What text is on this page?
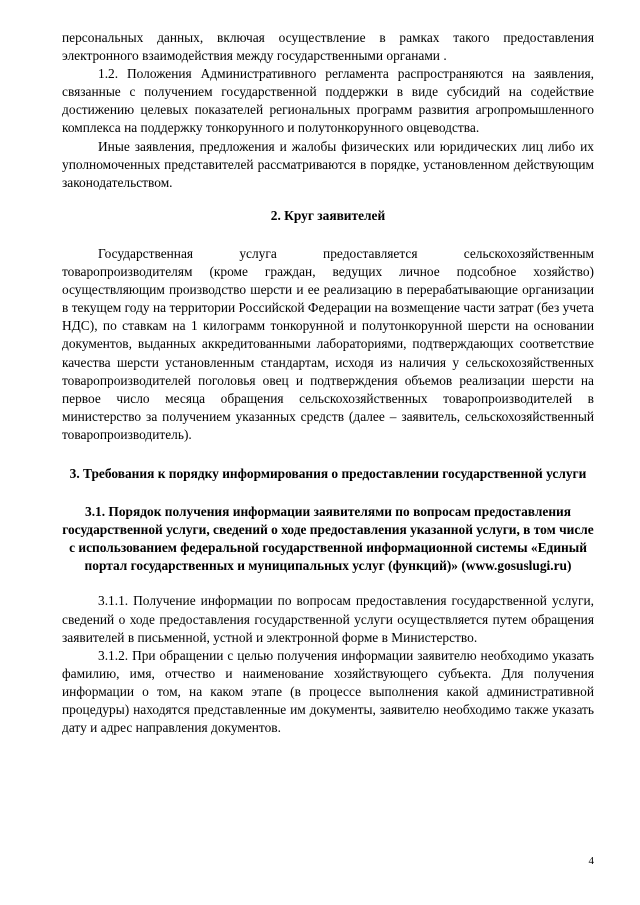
персональных данных, включая осуществление в рамках такого предоставления электронного взаимодействия между государственными органами .

1.2. Положения Административного регламента распространяются на заявления, связанные с получением государственной поддержки в виде субсидий на содействие достижению целевых показателей региональных программ развития агропромышленного комплекса на поддержку тонкорунного и полутонкорунного овцеводства.

Иные заявления, предложения и жалобы физических или юридических лиц либо их уполномоченных представителей рассматриваются в порядке, установленном действующим законодательством.

2. Круг заявителей

Государственная услуга предоставляется сельскохозяйственным товаропроизводителям (кроме граждан, ведущих личное подсобное хозяйство) осуществляющим производство шерсти и ее реализацию в перерабатывающие организации в текущем году на территории Российской Федерации на возмещение части затрат (без учета НДС), по ставкам на 1 килограмм тонкорунной и полутонкорунной шерсти на основании документов, выданных аккредитованными лабораториями, подтверждающих соответствие качества шерсти установленным стандартам, исходя из наличия у сельскохозяйственных товаропроизводителей поголовья овец и подтверждения объемов реализации шерсти на первое число месяца обращения сельскохозяйственных товаропроизводителей в министерство за получением указанных средств (далее – заявитель, сельскохозяйственный товаропроизводитель).

3. Требования к порядку информирования о предоставлении государственной услуги

3.1. Порядок получения информации заявителями по вопросам предоставления государственной услуги, сведений о ходе предоставления указанной услуги, в том числе с использованием федеральной государственной информационной системы «Единый портал государственных и муниципальных услуг (функций)» (www.gosuslugi.ru)

3.1.1. Получение информации по вопросам предоставления государственной услуги, сведений о ходе предоставления государственной услуги осуществляется путем обращения заявителей в письменной, устной и электронной форме в Министерство.

3.1.2. При обращении с целью получения информации заявителю необходимо указать фамилию, имя, отчество и наименование хозяйствующего субъекта. Для получения информации о том, на каком этапе (в процессе выполнения какой административной процедуры) находятся представленные им документы, заявителю необходимо также указать дату и адрес направления документов.

4
